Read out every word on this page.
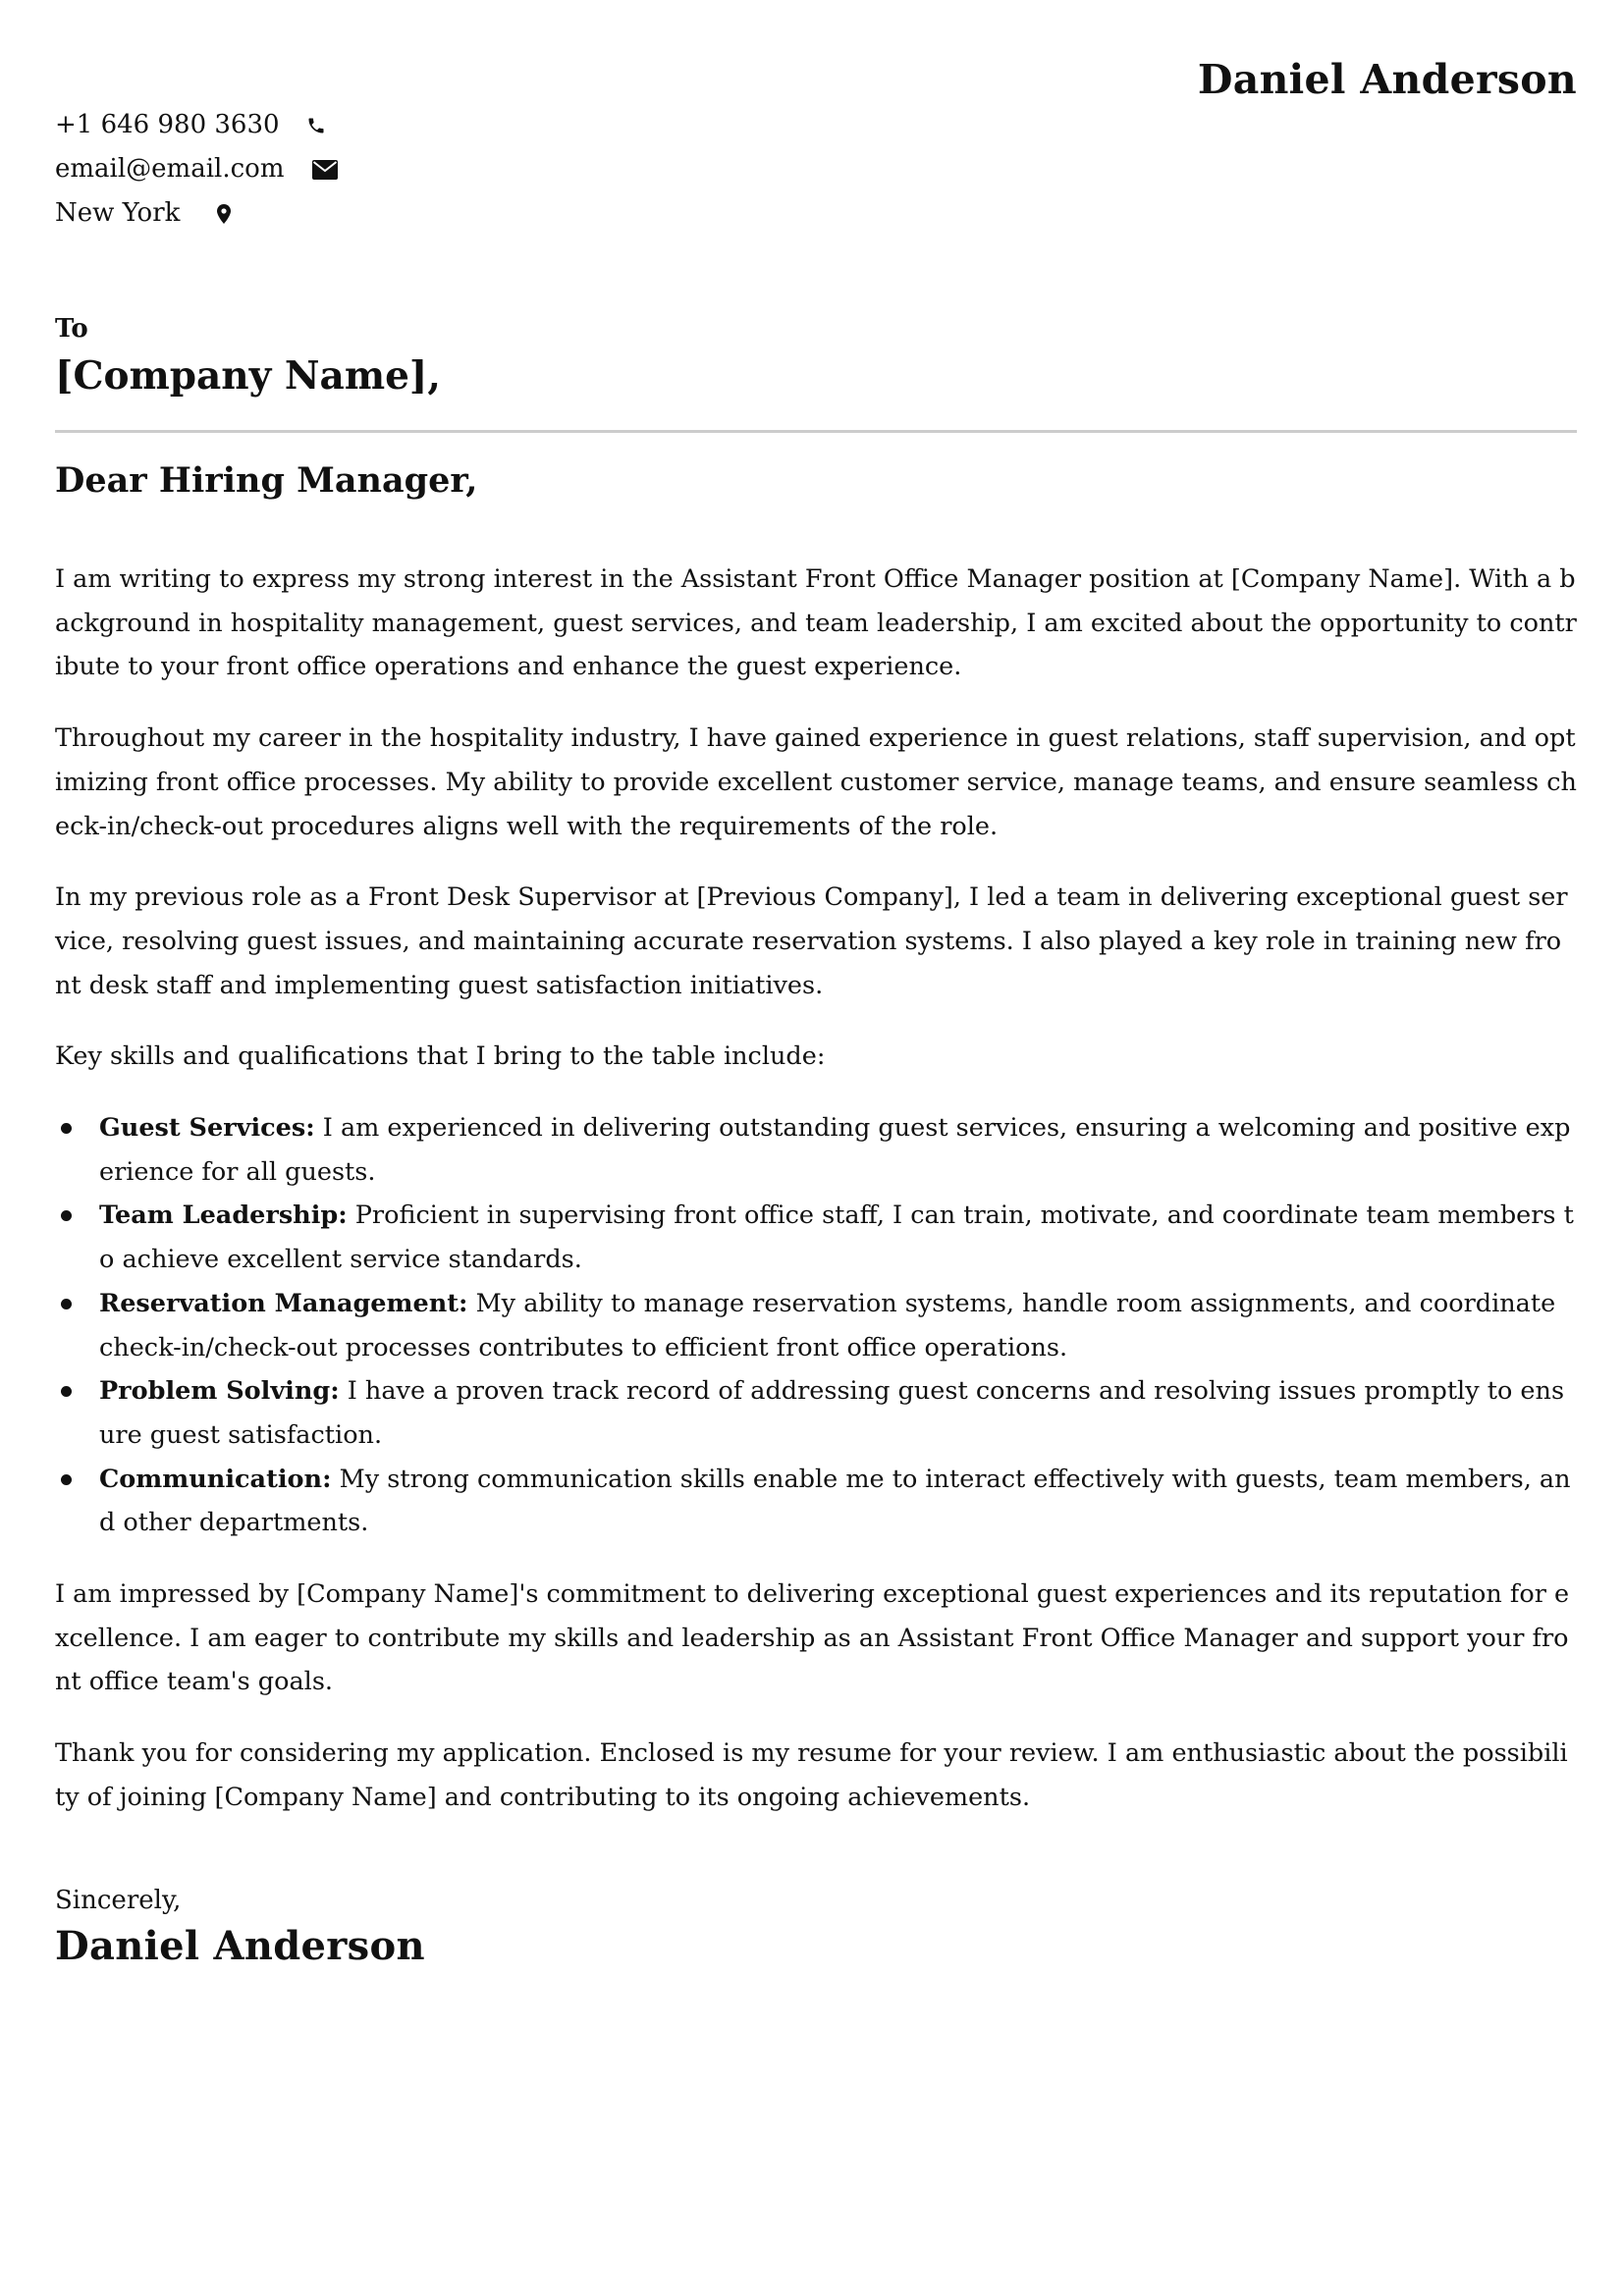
Daniel Anderson
+1 646 980 3630
email@email.com
New York
To
[Company Name],
Dear Hiring Manager,

I am writing to express my strong interest in the Assistant Front Office Manager position at [Company Name]. With a background in hospitality management, guest services, and team leadership, I am excited about the opportunity to contribute to your front office operations and enhance the guest experience.

Throughout my career in the hospitality industry, I have gained experience in guest relations, staff supervision, and optimizing front office processes. My ability to provide excellent customer service, manage teams, and ensure seamless check-in/check-out procedures aligns well with the requirements of the role.

In my previous role as a Front Desk Supervisor at [Previous Company], I led a team in delivering exceptional guest service, resolving guest issues, and maintaining accurate reservation systems. I also played a key role in training new front desk staff and implementing guest satisfaction initiatives.

Key skills and qualifications that I bring to the table include:

Guest Services: I am experienced in delivering outstanding guest services, ensuring a welcoming and positive experience for all guests.
Team Leadership: Proficient in supervising front office staff, I can train, motivate, and coordinate team members to achieve excellent service standards.
Reservation Management: My ability to manage reservation systems, handle room assignments, and coordinate check-in/check-out processes contributes to efficient front office operations.
Problem Solving: I have a proven track record of addressing guest concerns and resolving issues promptly to ensure guest satisfaction.
Communication: My strong communication skills enable me to interact effectively with guests, team members, and other departments.

I am impressed by [Company Name]'s commitment to delivering exceptional guest experiences and its reputation for excellence. I am eager to contribute my skills and leadership as an Assistant Front Office Manager and support your front office team's goals.

Thank you for considering my application. Enclosed is my resume for your review. I am enthusiastic about the possibility of joining [Company Name] and contributing to its ongoing achievements.

Sincerely,
Daniel Anderson
